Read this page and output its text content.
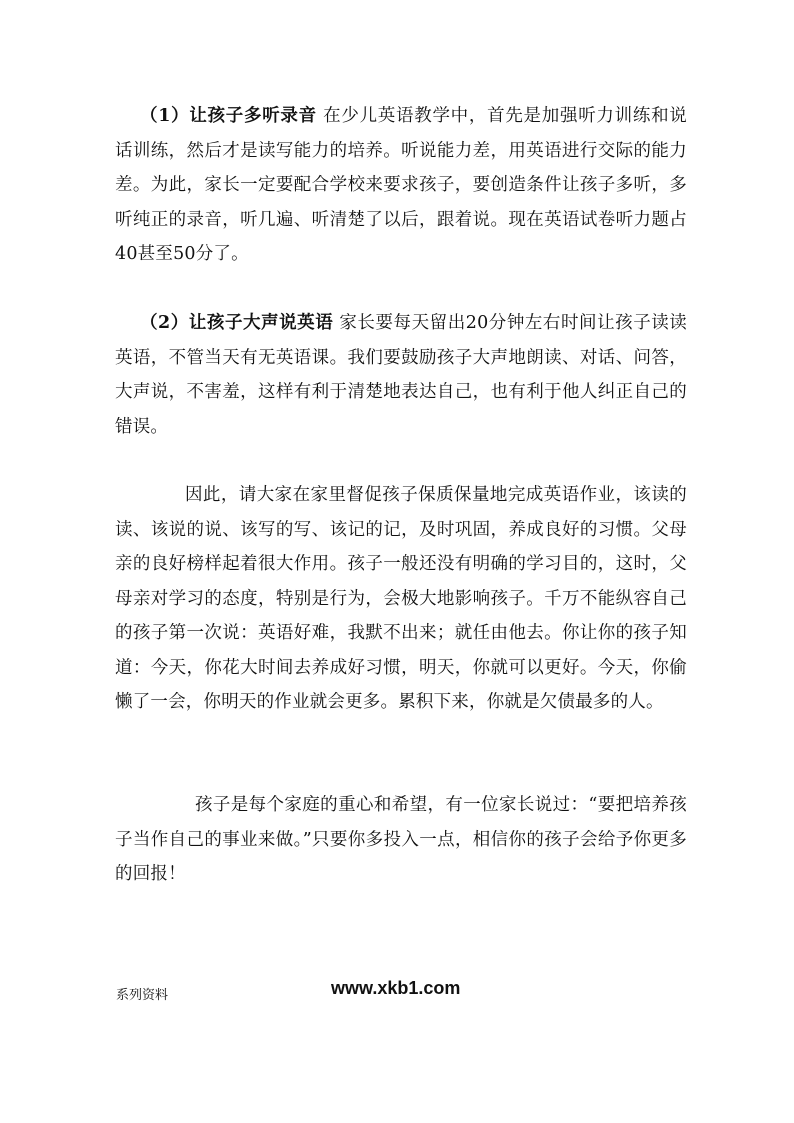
（1）让孩子多听录音 在少儿英语教学中，首先是加强听力训练和说话训练，然后才是读写能力的培养。听说能力差，用英语进行交际的能力差。为此，家长一定要配合学校来要求孩子，要创造条件让孩子多听，多听纯正的录音，听几遍、听清楚了以后，跟着说。现在英语试卷听力题占40甚至50分了。

（2）让孩子大声说英语 家长要每天留出20分钟左右时间让孩子读读英语，不管当天有无英语课。我们要鼓励孩子大声地朗读、对话、问答，大声说，不害羞，这样有利于清楚地表达自己，也有利于他人纠正自己的错误。

因此，请大家在家里督促孩子保质保量地完成英语作业，该读的读、该说的说、该写的写、该记的记，及时巩固，养成良好的习惯。父母亲的良好榜样起着很大作用。孩子一般还没有明确的学习目的，这时，父母亲对学习的态度，特别是行为，会极大地影响孩子。千万不能纵容自己的孩子第一次说：英语好难，我默不出来；就任由他去。你让你的孩子知道：今天，你花大时间去养成好习惯，明天，你就可以更好。今天，你偷懒了一会，你明天的作业就会更多。累积下来，你就是欠债最多的人。

孩子是每个家庭的重心和希望，有一位家长说过：“要把培养孩子当作自己的事业来做。”只要你多投入一点，相信你的孩子会给予你更多的回报！

系列资料	www.xkb1.com
